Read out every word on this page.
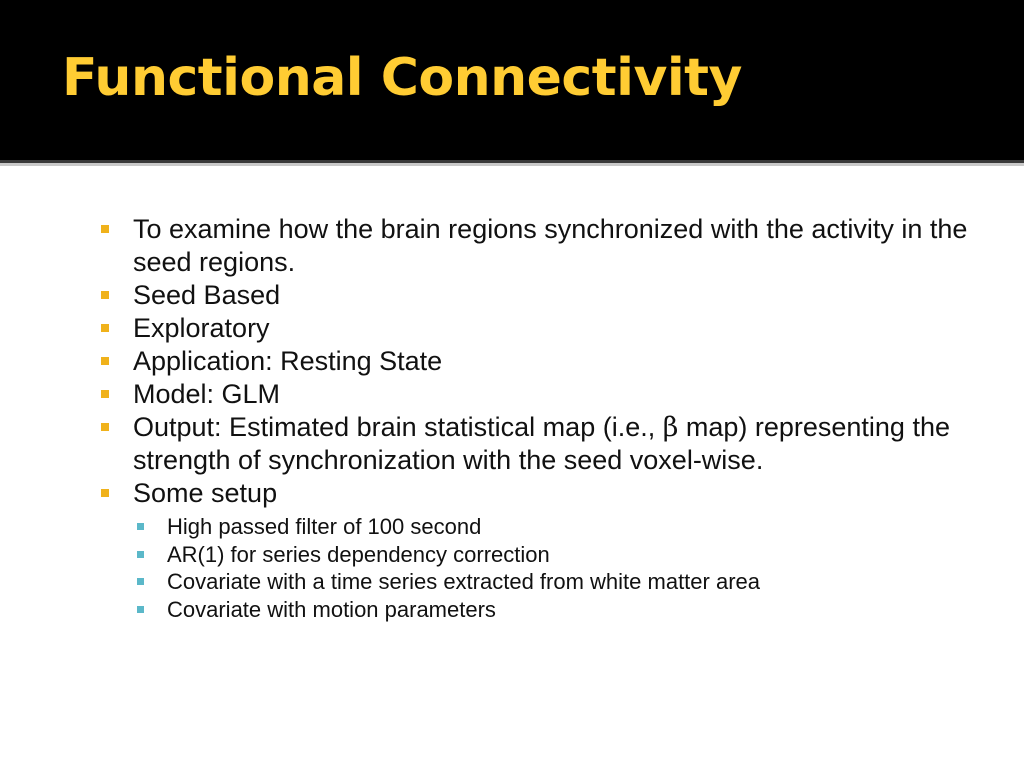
Functional Connectivity
To examine how the brain regions synchronized with the activity in the seed regions.
Seed Based
Exploratory
Application: Resting State
Model: GLM
Output: Estimated brain statistical map (i.e., β map) representing the strength of synchronization with the seed voxel-wise.
Some setup
High passed filter of 100 second
AR(1) for series dependency correction
Covariate with a time series extracted from white matter area
Covariate with motion parameters
